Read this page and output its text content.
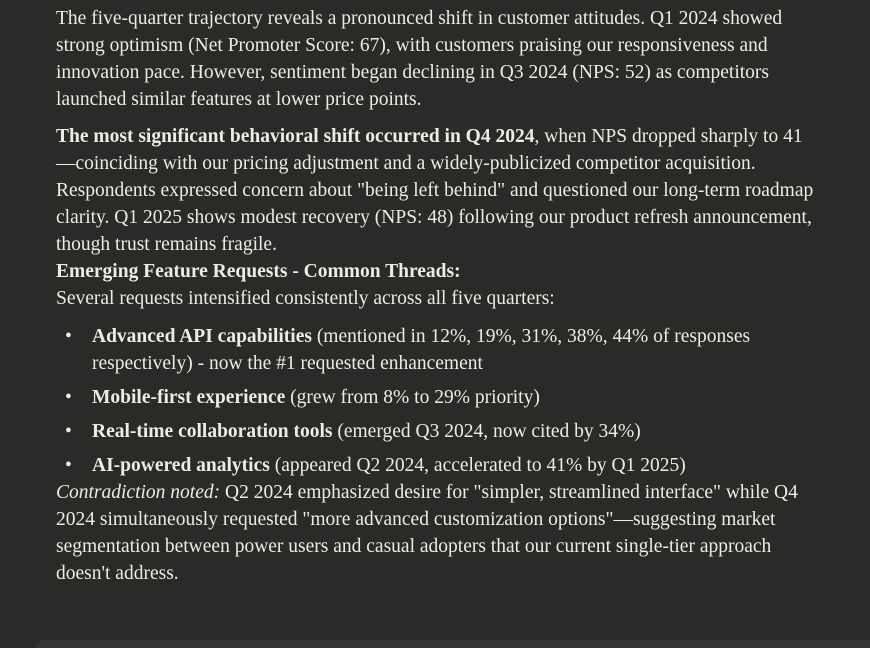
The five-quarter trajectory reveals a pronounced shift in customer attitudes. Q1 2024 showed strong optimism (Net Promoter Score: 67), with customers praising our responsiveness and innovation pace. However, sentiment began declining in Q3 2024 (NPS: 52) as competitors launched similar features at lower price points.

The most significant behavioral shift occurred in Q4 2024, when NPS dropped sharply to 41—coinciding with our pricing adjustment and a widely-publicized competitor acquisition. Respondents expressed concern about "being left behind" and questioned our long-term roadmap clarity. Q1 2025 shows modest recovery (NPS: 48) following our product refresh announcement, though trust remains fragile.

Emerging Feature Requests - Common Threads:

Several requests intensified consistently across all five quarters:

•	Advanced API capabilities (mentioned in 12%, 19%, 31%, 38%, 44% of responses respectively) - now the #1 requested enhancement
•	Mobile-first experience (grew from 8% to 29% priority)
•	Real-time collaboration tools (emerged Q3 2024, now cited by 34%)
•	AI-powered analytics (appeared Q2 2024, accelerated to 41% by Q1 2025)

Contradiction noted: Q2 2024 emphasized desire for "simpler, streamlined interface" while Q4 2024 simultaneously requested "more advanced customization options"—suggesting market segmentation between power users and casual adopters that our current single-tier approach doesn't address.
